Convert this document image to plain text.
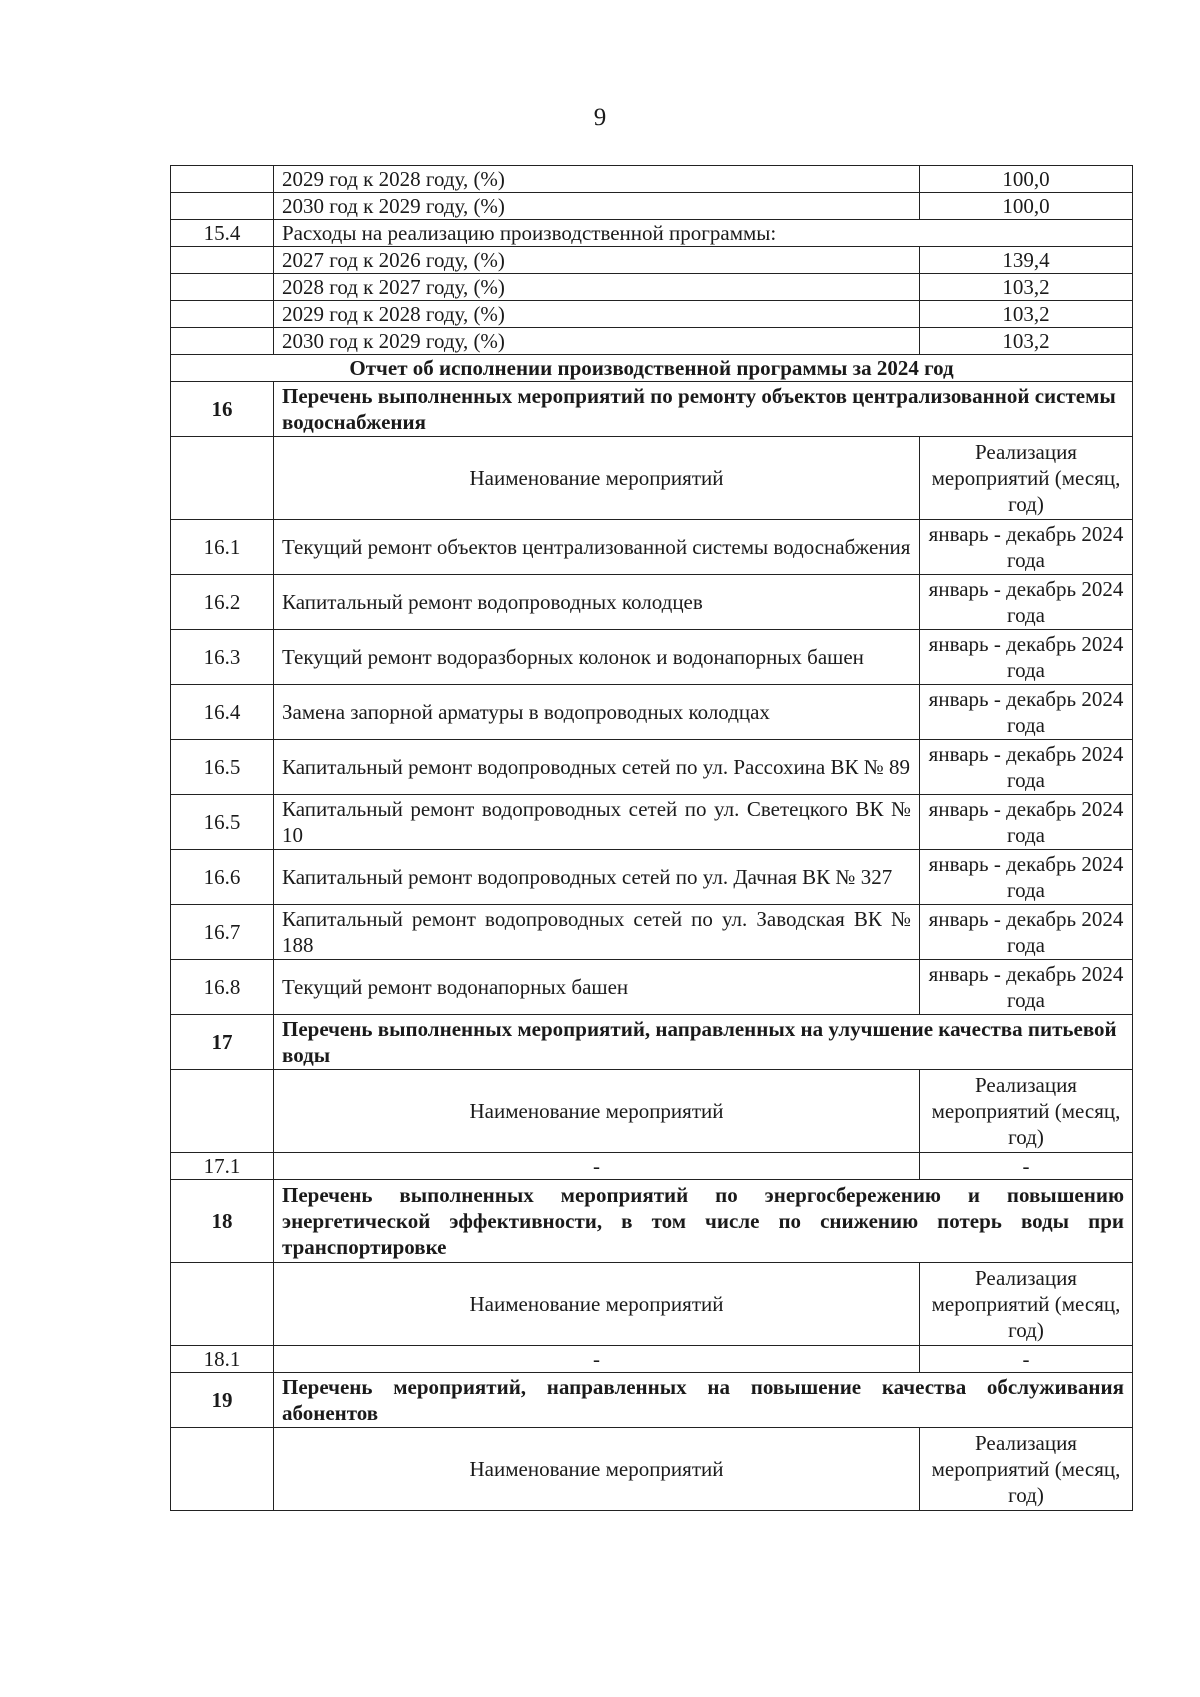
9
	2029 год к 2028 году, (%)	100,0
	2030 год к 2029 году, (%)	100,0
15.4	Расходы на реализацию производственной программы:	
	2027 год к 2026 году, (%)	139,4
	2028 год к 2027 году, (%)	103,2
	2029 год к 2028 году, (%)	103,2
	2030 год к 2029 году, (%)	103,2
Отчет об исполнении производственной программы за 2024 год		
16	Перечень выполненных мероприятий по ремонту объектов централизованной системы водоснабжения	
	Наименование мероприятий	Реализация мероприятий (месяц, год)
16.1	Текущий ремонт объектов централизованной системы водоснабжения	январь - декабрь 2024 года
16.2	Капитальный ремонт водопроводных колодцев	январь - декабрь 2024 года
16.3	Текущий ремонт водоразборных колонок и водонапорных башен	январь - декабрь 2024 года
16.4	Замена запорной арматуры в водопроводных колодцах	январь - декабрь 2024 года
16.5	Капитальный ремонт водопроводных сетей по ул. Рассохина ВК № 89	январь - декабрь 2024 года
16.5	Капитальный ремонт водопроводных сетей по ул. Светецкого ВК № 10	январь - декабрь 2024 года
16.6	Капитальный ремонт водопроводных сетей по ул. Дачная ВК № 327	январь - декабрь 2024 года
16.7	Капитальный ремонт водопроводных сетей по ул. Заводская ВК № 188	январь - декабрь 2024 года
16.8	Текущий ремонт водонапорных башен	январь - декабрь 2024 года
17	Перечень выполненных мероприятий, направленных на улучшение качества питьевой воды	
	Наименование мероприятий	Реализация мероприятий (месяц, год)
17.1	-	-
18	Перечень выполненных мероприятий по энергосбережению и повышению энергетической эффективности, в том числе по снижению потерь воды при транспортировке	
	Наименование мероприятий	Реализация мероприятий (месяц, год)
18.1	-	-
19	Перечень мероприятий, направленных на повышение качества обслуживания абонентов	
	Наименование мероприятий	Реализация мероприятий (месяц, год)
